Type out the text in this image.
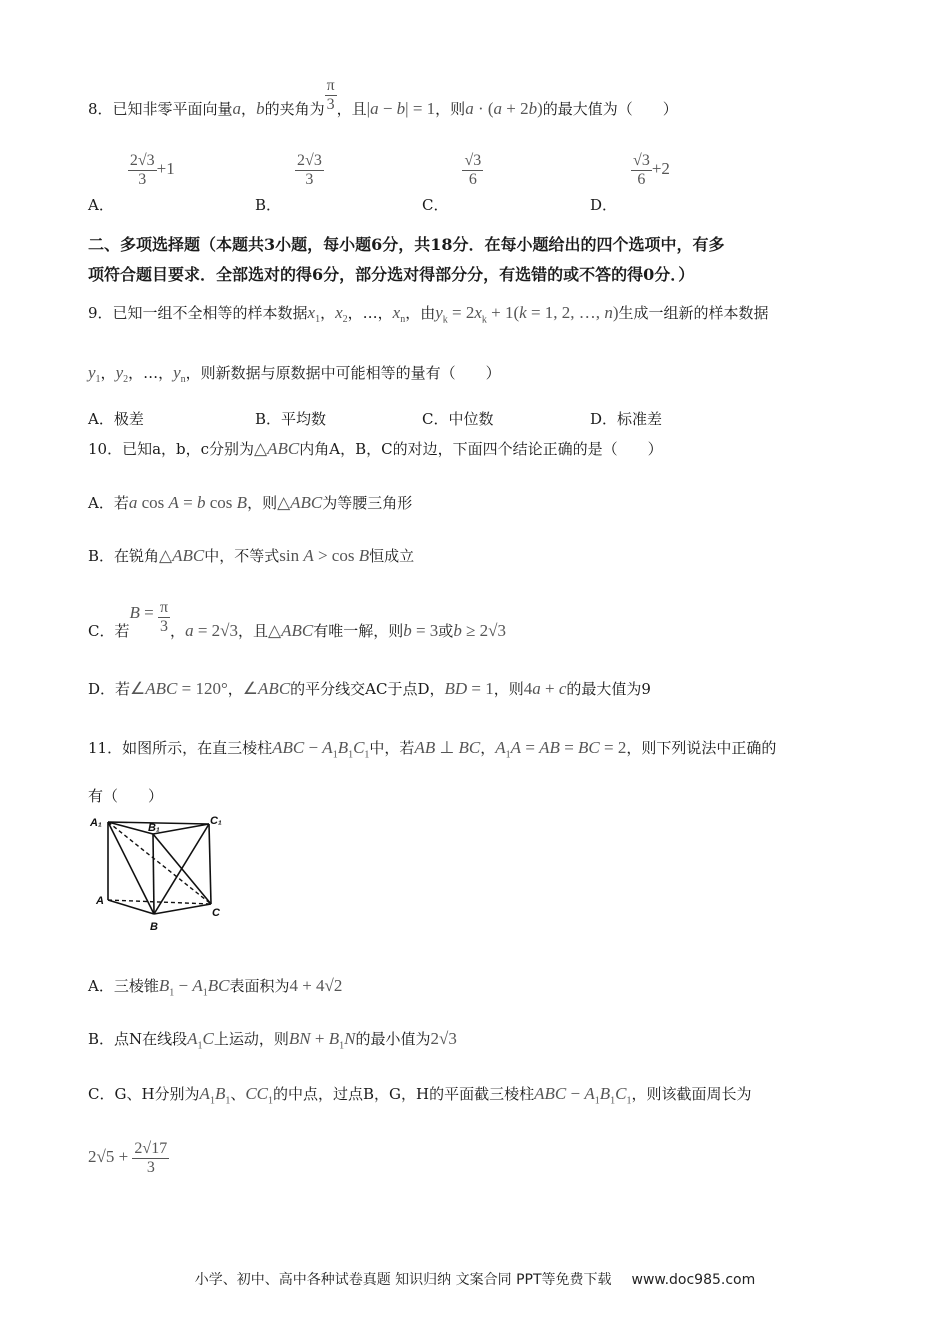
8．已知非零平面向量a，b的夹角为 $\frac{\pi}{3}$ ，且|a − b| = 1，则a · (a + 2b)的最大值为（　　）
A．
$\frac{2√3}{3} +1$
B．
$\frac{2√3}{3}$
C．
$\frac{√3}{6}$
D．
$\frac{√3}{6} +2$
二、多项选择题（本题共3小题，每小题6分，共18分．在每小题给出的四个选项中，有多
项符合题目要求．全部选对的得6分，部分选对得部分分，有选错的或不答的得0分．）
9．已知一组不全相等的样本数据$x_1$，$x_2$，…，$x_n$，由$y_k = 2x_k + 1(k = 1$, 2, …, n)生成一组新的样本数据
$y_1$，$y_2$，…，$y_n$，则新数据与原数据中可能相等的量有（　　）
A．极差	B．平均数	C．中位数	D．标准差
10．已知a，b，c分别为△ABC内角A，B，C的对边，下面四个结论正确的是（　　）
A．若a cos A = b cos B，则△ABC为等腰三角形
B．在锐角△ABC中，不等式sin A > cos B恒成立
C．若$B = \frac{\pi}{3}$ ，a = 2√3，且△ABC有唯一解，则b = 3或b ≥ 2√3
D．若∠ABC = 120°，∠ABC的平分线交AC于点D，BD = 1，则4a + c的最大值为9
11．如图所示，在直三棱柱ABC − $A_1B_1C_1$中，若AB ⊥ BC，$A_1A$ = AB = BC = 2，则下列说法中正确的
有（　　）
A₁	B₁
C₁
A
B
C
A．三棱锥$B_1 - A_1BC$表面积为4 + 4√2
B．点N在线段$A_1C$上运动，则BN + $B_1N$的最小值为2√3
C．G、H分别为$A_1B_1$、$CC_1$的中点，过点B，G，H的平面截三棱柱ABC − $A_1B_1C_1$，则该截面周长为
$2√5 + \frac{2√17}{3}$
小学、初中、高中各种试卷真题 知识归纳 文案合同 PPT等免费下载 www.doc985.com
